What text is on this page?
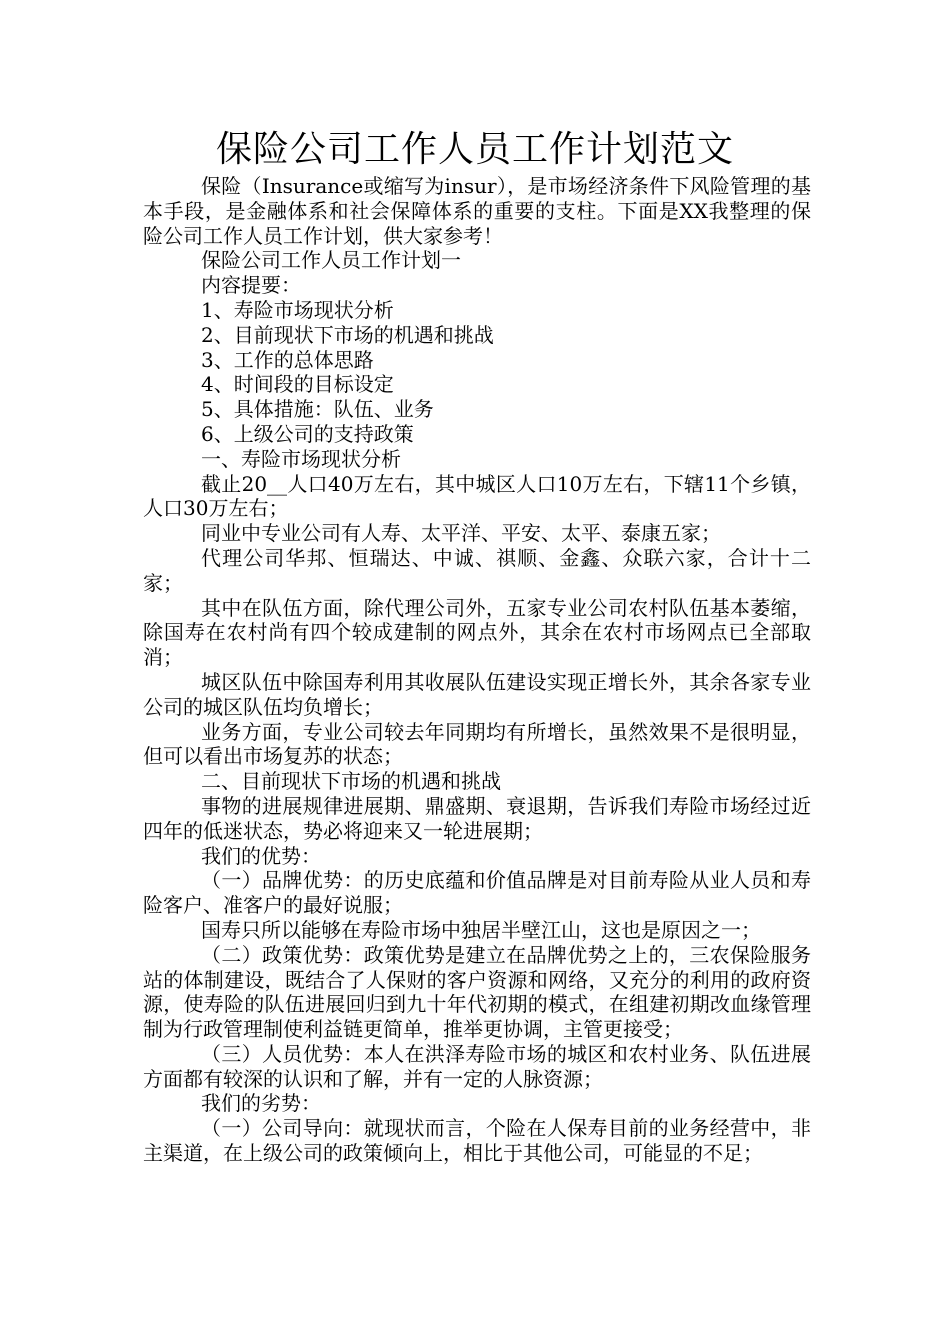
保险公司工作人员工作计划范文

保险（Insurance或缩写为insur），是市场经济条件下风险管理的基本手段，是金融体系和社会保障体系的重要的支柱。下面是XX我整理的保险公司工作人员工作计划，供大家参考！

保险公司工作人员工作计划一

内容提要：

1、寿险市场现状分析

2、目前现状下市场的机遇和挑战

3、工作的总体思路

4、时间段的目标设定

5、具体措施：队伍、业务

6、上级公司的支持政策

一、寿险市场现状分析

截止20__人口40万左右，其中城区人口10万左右，下辖11个乡镇，人口30万左右；

同业中专业公司有人寿、太平洋、平安、太平、泰康五家；

代理公司华邦、恒瑞达、中诚、祺顺、金鑫、众联六家，合计十二家；

其中在队伍方面，除代理公司外，五家专业公司农村队伍基本萎缩，除国寿在农村尚有四个较成建制的网点外，其余在农村市场网点已全部取消；

城区队伍中除国寿利用其收展队伍建设实现正增长外，其余各家专业公司的城区队伍均负增长；

业务方面，专业公司较去年同期均有所增长，虽然效果不是很明显，但可以看出市场复苏的状态；

二、目前现状下市场的机遇和挑战

事物的进展规律进展期、鼎盛期、衰退期，告诉我们寿险市场经过近四年的低迷状态，势必将迎来又一轮进展期；

我们的优势：

（一）品牌优势：的历史底蕴和价值品牌是对目前寿险从业人员和寿险客户、准客户的最好说服；

国寿只所以能够在寿险市场中独居半壁江山，这也是原因之一；

（二）政策优势：政策优势是建立在品牌优势之上的，三农保险服务站的体制建设，既结合了人保财的客户资源和网络，又充分的利用的政府资源，使寿险的队伍进展回归到九十年代初期的模式，在组建初期改血缘管理制为行政管理制使利益链更简单，推举更协调，主管更接受；

（三）人员优势：本人在洪泽寿险市场的城区和农村业务、队伍进展方面都有较深的认识和了解，并有一定的人脉资源；

我们的劣势：

（一）公司导向：就现状而言，个险在人保寿目前的业务经营中，非主渠道，在上级公司的政策倾向上，相比于其他公司，可能显的不足；
